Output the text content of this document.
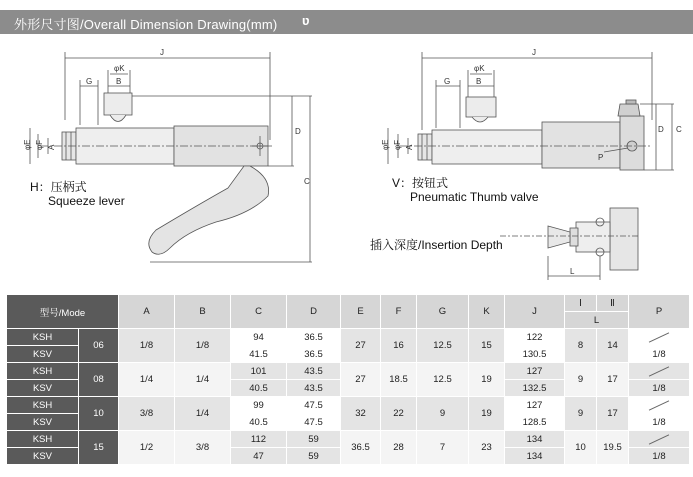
外形尺寸图/Overall Dimension Drawing(mm) ʋ
J
φK
G	B
φE φF A
D
C
J
φK
G	B
φE φF A
D C
P
L
H：压柄式
Squeeze lever
V：按钮式
Pneumatic Thumb valve
插入深度/Insertion Depth
型号/Mode		A	B	C	D	E	F	G	K	J	Ⅰ	Ⅱ	P
											L		
KSH	06	1/8	1/8	94	36.5	27	16	12.5	15	122	8	14	

KSV				41.5	36.5					130.5			1/8
KSH	08	1/4	1/4	101	43.5	27	18.5	12.5	19	127	9	17	

KSV				40.5	43.5					132.5			1/8
KSH	10	3/8	1/4	99	47.5	32	22	9	19	127	9	17	

KSV				40.5	47.5					128.5			1/8
KSH	15	1/2	3/8	112	59	36.5	28	7	23	134	10	19.5	

KSV				47	59					134			1/8
